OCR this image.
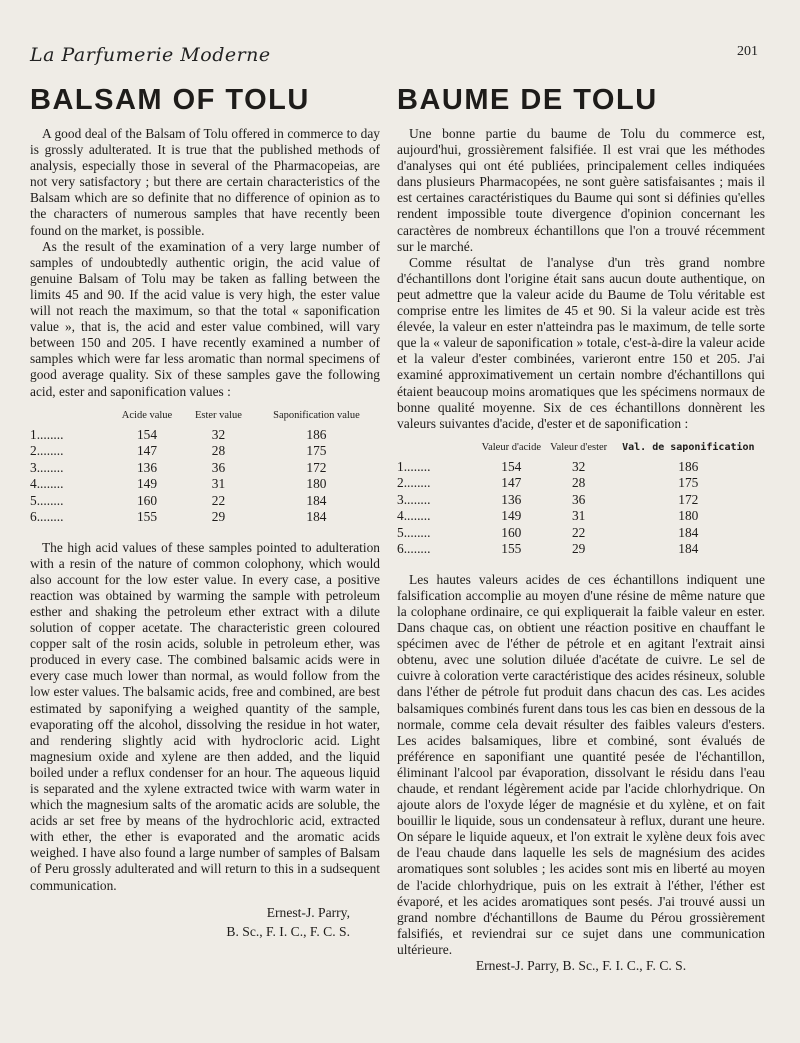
La Parfumerie Moderne	201
BALSAM OF TOLU

A good deal of the Balsam of Tolu offered in commerce to day is grossly adulterated. It is true that the published methods of analysis, especially those in several of the Pharmacopeias, are not very satisfactory ; but there are certain characteristics of the Balsam which are so definite that no difference of opinion as to the characters of numerous samples that have recently been found on the market, is possible.

As the result of the examination of a very large number of samples of undoubtedly authentic origin, the acid value of genuine Balsam of Tolu may be taken as falling between the limits 45 and 90. If the acid value is very high, the ester value will not reach the maximum, so that the total « saponification value », that is, the acid and ester value combined, will vary between 150 and 205. I have recently examined a number of samples which were far less aromatic than normal specimens of good average quality. Six of these samples gave the following acid, ester and saponification values :

	Acide value	Ester value	Saponification value
1........	154	32	186
2........	147	28	175
3........	136	36	172
4........	149	31	180
5........	160	22	184
6........	155	29	184

The high acid values of these samples pointed to adulteration with a resin of the nature of common colophony, which would also account for the low ester value. In every case, a positive reaction was obtained by warming the sample with petroleum esther and shaking the petroleum ether extract with a dilute solution of copper acetate. The characteristic green coloured copper salt of the rosin acids, soluble in petroleum ether, was produced in every case. The combined balsamic acids were in every case much lower than normal, as would follow from the low ester values. The balsamic acids, free and combined, are best estimated by saponifying a weighed quantity of the sample, evaporating off the alcohol, dissolving the residue in hot water, and rendering slightly acid with hydrocloric acid. Light magnesium oxide and xylene are then added, and the liquid boiled under a reflux condenser for an hour. The aqueous liquid is separated and the xylene extracted twice with warm water in which the magnesium salts of the aromatic acids are soluble, the acids ar set free by means of the hydrochloric acid, extracted with ether, the ether is evaporated and the aromatic acids weighed. I have also found a large number of samples of Balsam of Peru grossly adulterated and will return to this in a sudsequent communication.

Ernest-J. Parry,
B. Sc., F. I. C., F. C. S.
BAUME DE TOLU

Une bonne partie du baume de Tolu du commerce est, aujourd'hui, grossièrement falsifiée. Il est vrai que les méthodes d'analyses qui ont été publiées, principalement celles indiquées dans plusieurs Pharmacopées, ne sont guère satisfaisantes ; mais il est certaines caractéristiques du Baume qui sont si définies qu'elles rendent impossible toute divergence d'opinion concernant les caractères de nombreux échantillons que l'on a trouvé récemment sur le marché.

Comme résultat de l'analyse d'un très grand nombre d'échantillons dont l'origine était sans aucun doute authentique, on peut admettre que la valeur acide du Baume de Tolu véritable est comprise entre les limites de 45 et 90. Si la valeur acide est très élevée, la valeur en ester n'atteindra pas le maximum, de telle sorte que la « valeur de saponification » totale, c'est-à-dire la valeur acide et la valeur d'ester combinées, varieront entre 150 et 205. J'ai examiné approximativement un certain nombre d'échantillons qui étaient beaucoup moins aromatiques que les spécimens normaux de bonne qualité moyenne. Six de ces échantillons donnèrent les valeurs suivantes d'acide, d'ester et de saponification :

	Valeur d'acide	Valeur d'ester	Val. de saponification
1........	154	32	186
2........	147	28	175
3........	136	36	172
4........	149	31	180
5........	160	22	184
6........	155	29	184

Les hautes valeurs acides de ces échantillons indiquent une falsification accomplie au moyen d'une résine de même nature que la colophane ordinaire, ce qui expliquerait la faible valeur en ester. Dans chaque cas, on obtient une réaction positive en chauffant le spécimen avec de l'éther de pétrole et en agitant l'extrait ainsi obtenu, avec une solution diluée d'acétate de cuivre. Le sel de cuivre à coloration verte caractéristique des acides résineux, soluble dans l'éther de pétrole fut produit dans chacun des cas. Les acides balsamiques combinés furent dans tous les cas bien en dessous de la normale, comme cela devait résulter des faibles valeurs d'esters. Les acides balsamiques, libre et combiné, sont évalués de préférence en saponifiant une quantité pesée de l'échantillon, éliminant l'alcool par évaporation, dissolvant le résidu dans l'eau chaude, et rendant légèrement acide par l'acide chlorhydrique. On ajoute alors de l'oxyde léger de magnésie et du xylène, et on fait bouillir le liquide, sous un condensateur à reflux, durant une heure. On sépare le liquide aqueux, et l'on extrait le xylène deux fois avec de l'eau chaude dans laquelle les sels de magnésium des acides aromatiques sont solubles ; les acides sont mis en liberté au moyen de l'acide chlorhydrique, puis on les extrait à l'éther, l'éther est évaporé, et les acides aromatiques sont pesés. J'ai trouvé aussi un grand nombre d'échantillons de Baume du Pérou grossièrement falsifiés, et reviendrai sur ce sujet dans une communication ultérieure.

Ernest-J. Parry, B. Sc., F. I. C., F. C. S.
